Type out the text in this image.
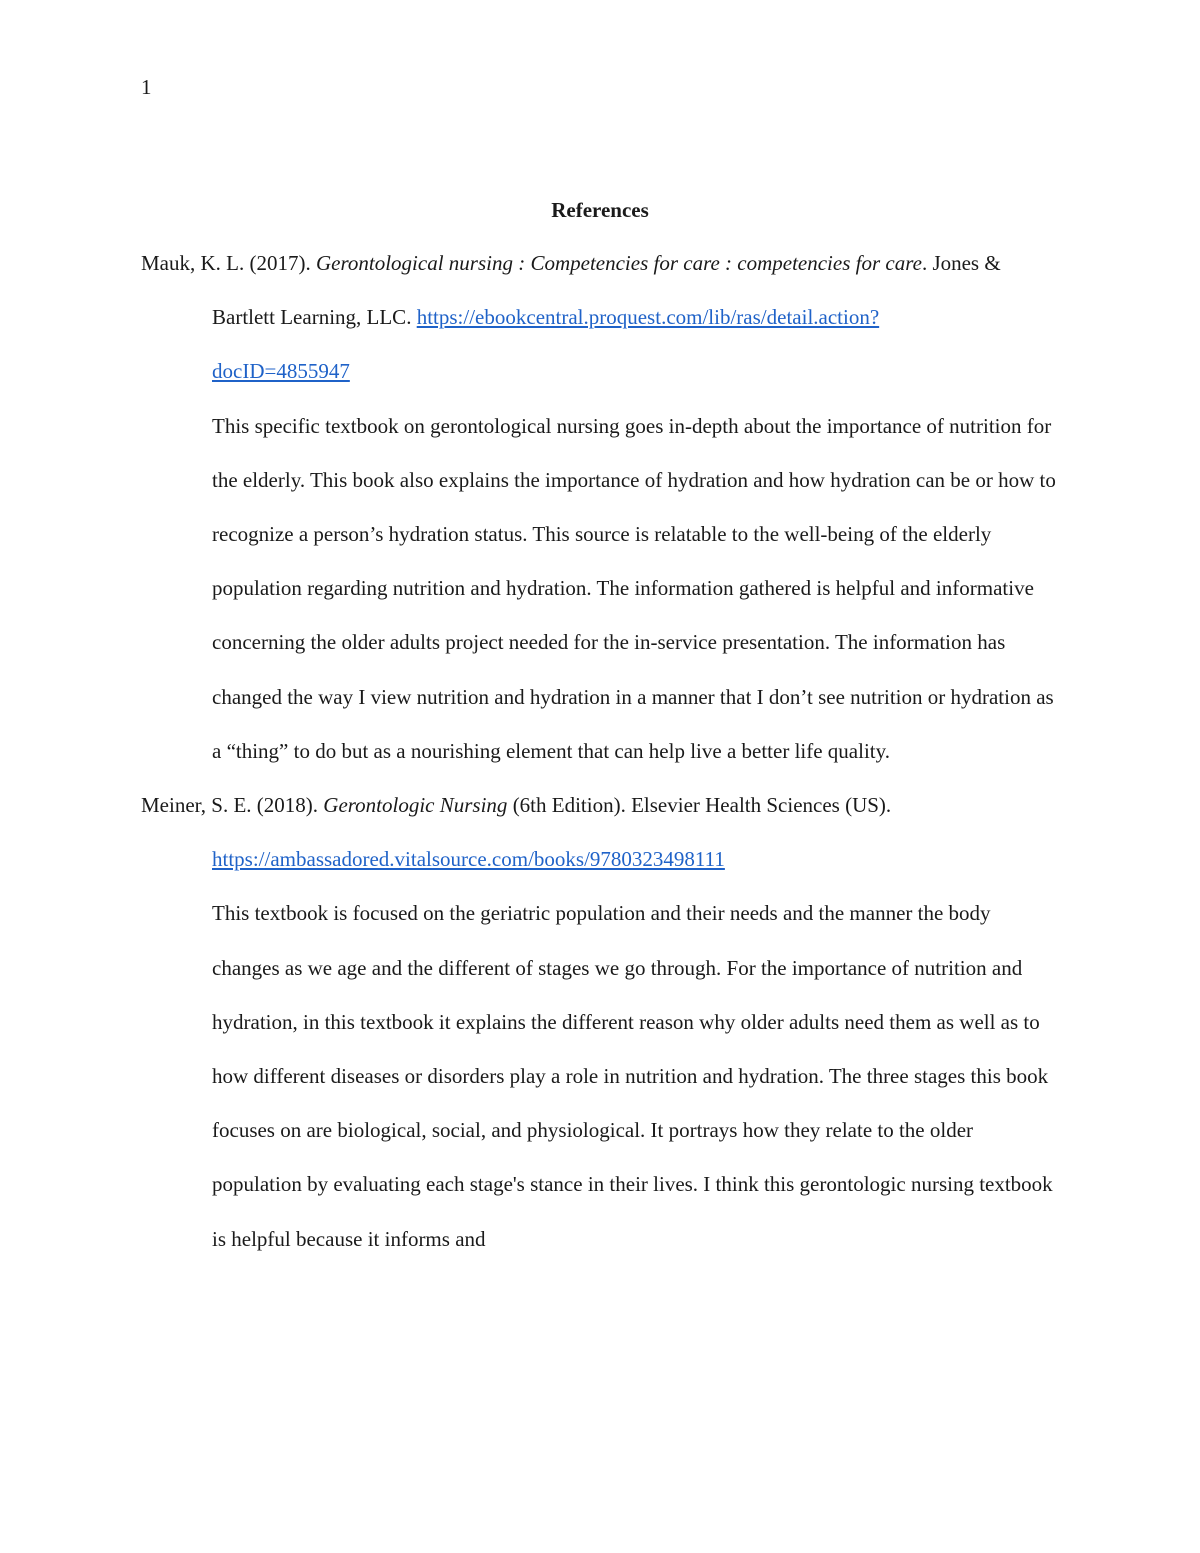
1
References

Mauk, K. L. (2017). Gerontological nursing : Competencies for care : competencies for care. Jones & Bartlett Learning, LLC. https://ebookcentral.proquest.com/lib/ras/detail.action?
docID=4855947

This specific textbook on gerontological nursing goes in-depth about the importance of nutrition for the elderly. This book also explains the importance of hydration and how hydration can be or how to recognize a person’s hydration status. This source is relatable to the well-being of the elderly population regarding nutrition and hydration. The information gathered is helpful and informative concerning the older adults project needed for the in-service presentation. The information has changed the way I view nutrition and hydration in a manner that I don’t see nutrition or hydration as a “thing” to do but as a nourishing element that can help live a better life quality.

Meiner, S. E. (2018). Gerontologic Nursing (6th Edition). Elsevier Health Sciences (US). https://ambassadored.vitalsource.com/books/9780323498111

This textbook is focused on the geriatric population and their needs and the manner the body changes as we age and the different of stages we go through. For the importance of nutrition and hydration, in this textbook it explains the different reason why older adults need them as well as to how different diseases or disorders play a role in nutrition and hydration. The three stages this book focuses on are biological, social, and physiological. It portrays how they relate to the older population by evaluating each stage's stance in their lives. I think this gerontologic nursing textbook is helpful because it informs and
